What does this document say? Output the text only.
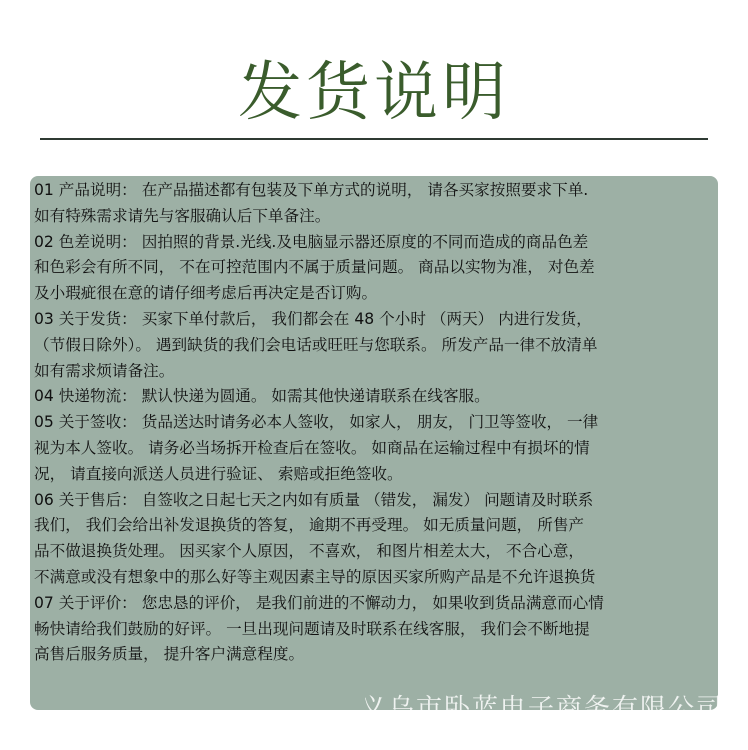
发货说明
01 产品说明： 在产品描述都有包装及下单方式的说明， 请各买家按照要求下单.
如有特殊需求请先与客服确认后下单备注。
02 色差说明： 因拍照的背景.光线.及电脑显示器还原度的不同而造成的商品色差
和色彩会有所不同， 不在可控范围内不属于质量问题。 商品以实物为准， 对色差
及小瑕疵很在意的请仔细考虑后再决定是否订购。
03 关于发货： 买家下单付款后， 我们都会在 48 个小时 （两天） 内进行发货，
（节假日除外）。 遇到缺货的我们会电话或旺旺与您联系。 所发产品一律不放清单
如有需求烦请备注。
04 快递物流： 默认快递为圆通。 如需其他快递请联系在线客服。
05 关于签收： 货品送达时请务必本人签收， 如家人， 朋友， 门卫等签收， 一律
视为本人签收。 请务必当场拆开检查后在签收。 如商品在运输过程中有损坏的情
况， 请直接向派送人员进行验证、 索赔或拒绝签收。
06 关于售后： 自签收之日起七天之内如有质量 （错发， 漏发） 问题请及时联系
我们， 我们会给出补发退换货的答复， 逾期不再受理。 如无质量问题， 所售产
品不做退换货处理。 因买家个人原因， 不喜欢， 和图片相差太大， 不合心意，
不满意或没有想象中的那么好等主观因素主导的原因买家所购产品是不允许退换货
07 关于评价： 您忠恳的评价， 是我们前进的不懈动力， 如果收到货品满意而心情
畅快请给我们鼓励的好评。 一旦出现问题请及时联系在线客服， 我们会不断地提
高售后服务质量， 提升客户满意程度。
义乌市卧蓝电子商务有限公司
